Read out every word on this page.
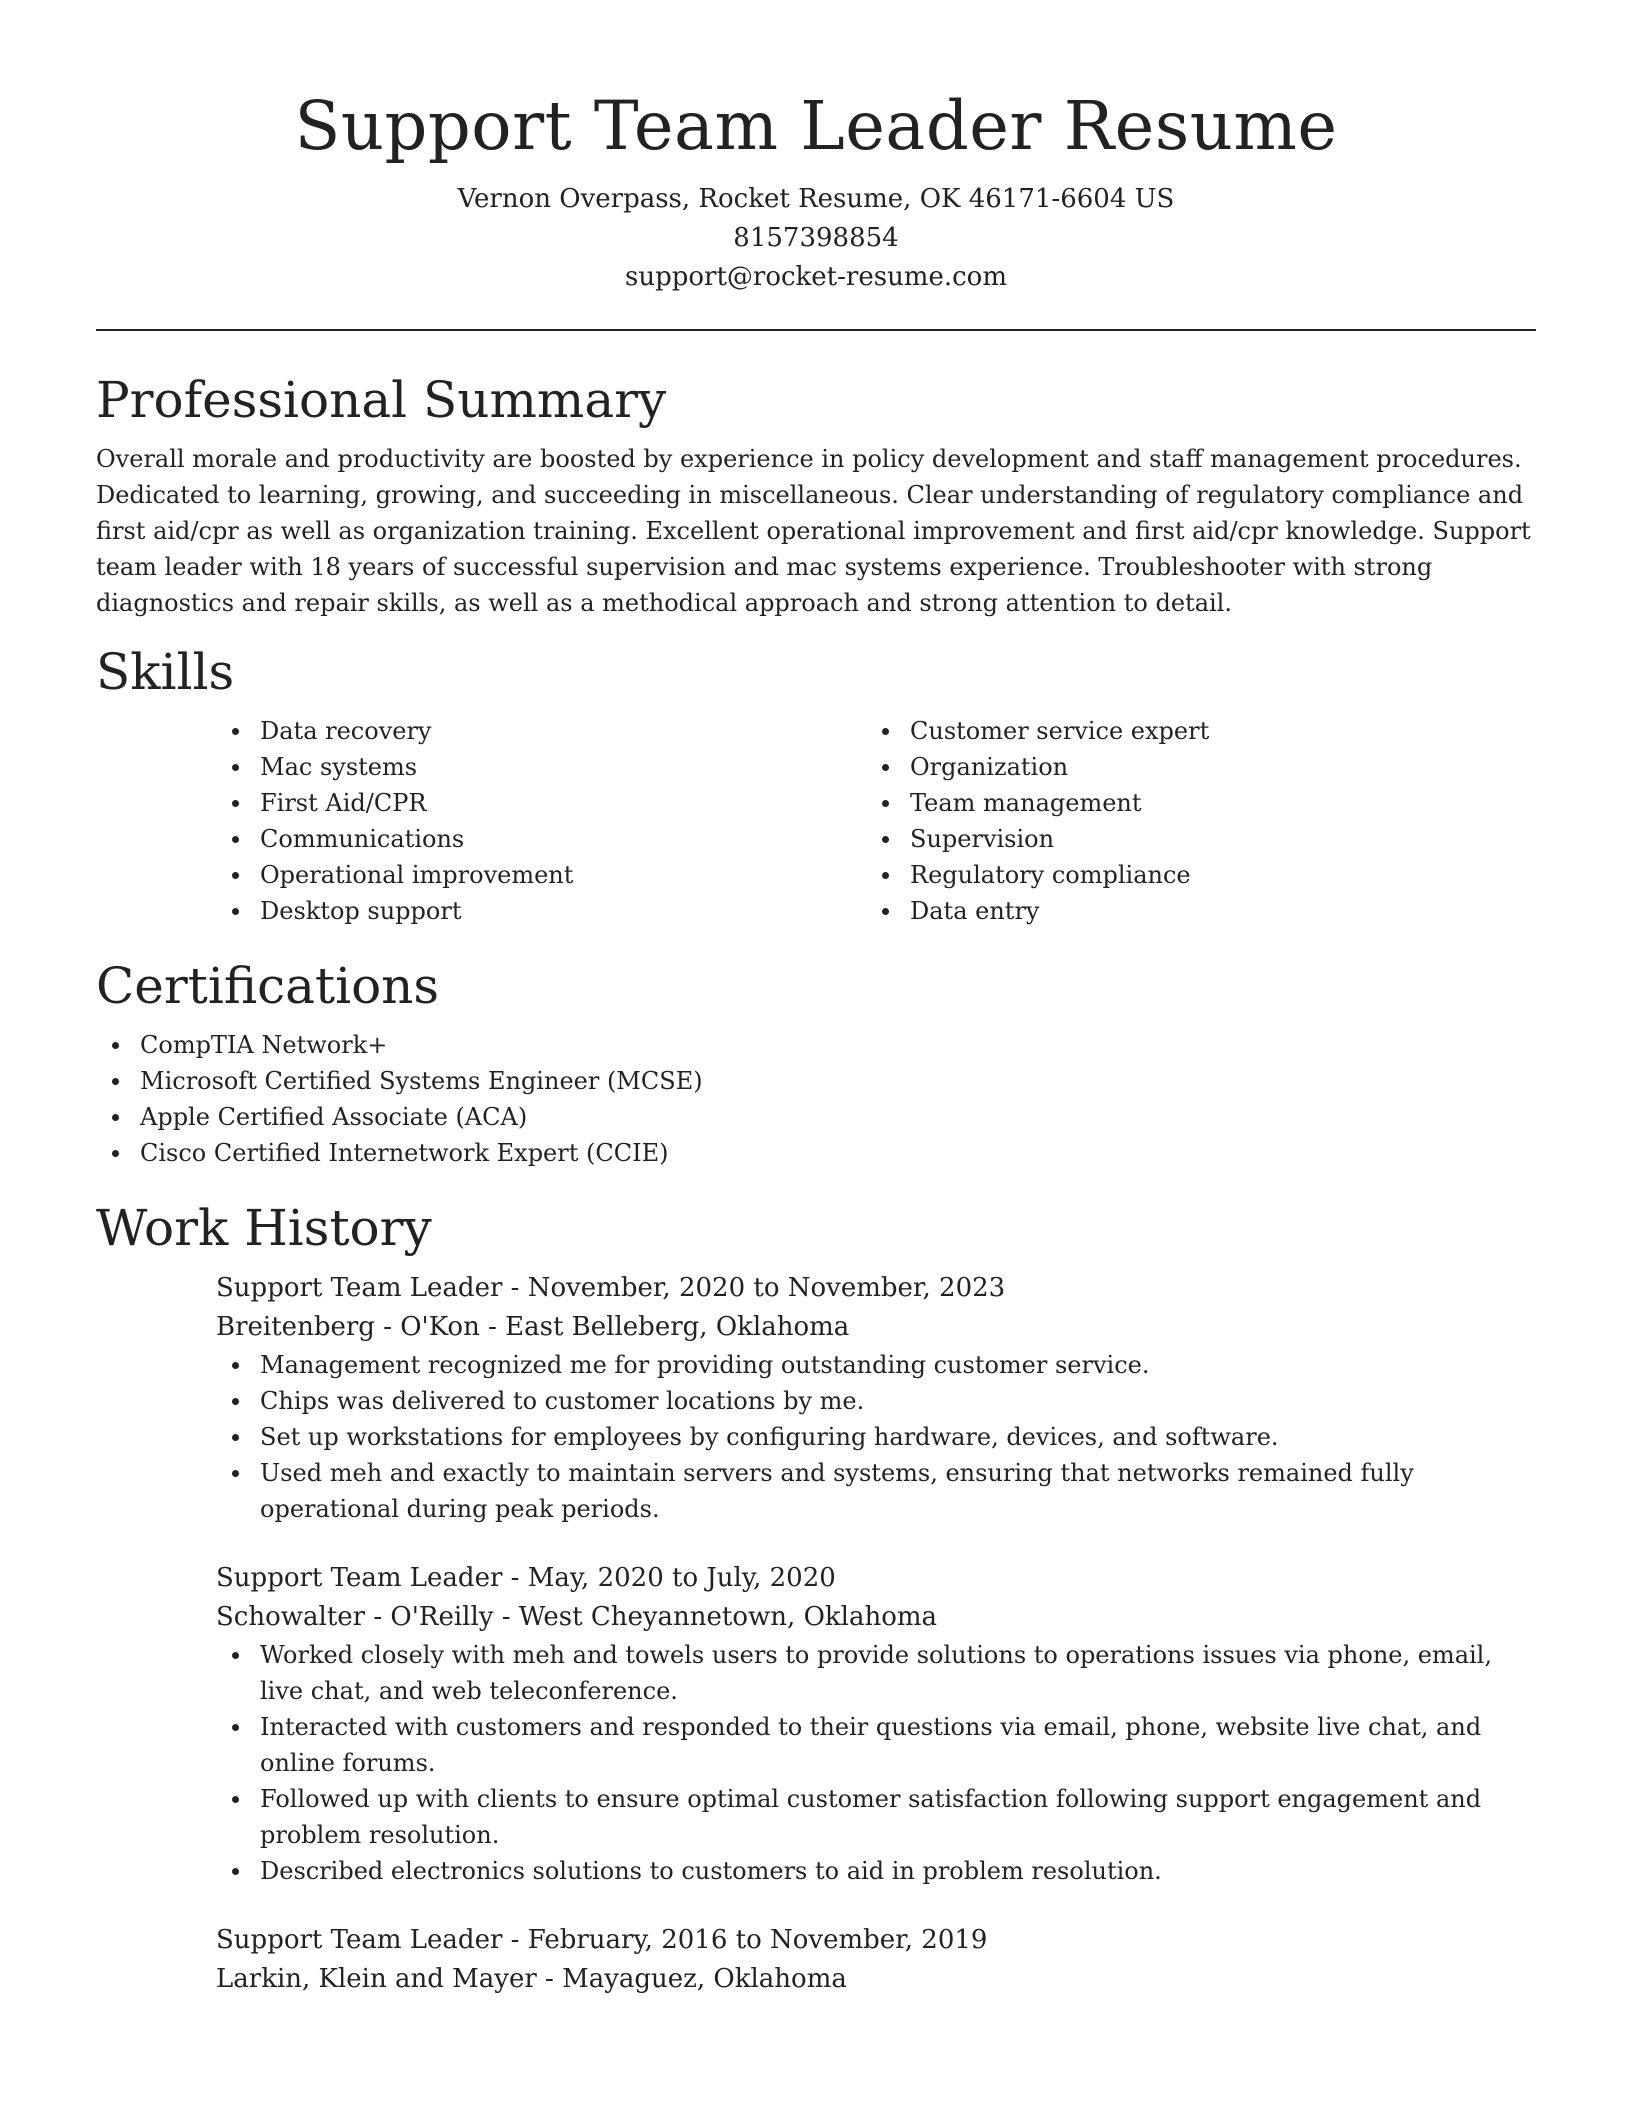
Support Team Leader Resume

Vernon Overpass, Rocket Resume, OK 46171-6604 US

8157398854

support@rocket-resume.com

Professional Summary

Overall morale and productivity are boosted by experience in policy development and staff management procedures. Dedicated to learning, growing, and succeeding in miscellaneous. Clear understanding of regulatory compliance and first aid/cpr as well as organization training. Excellent operational improvement and first aid/cpr knowledge. Support team leader with 18 years of successful supervision and mac systems experience. Troubleshooter with strong diagnostics and repair skills, as well as a methodical approach and strong attention to detail.

Skills
Data recovery
Mac systems
First Aid/CPR
Communications
Operational improvement
Desktop support
Customer service expert
Organization
Team management
Supervision
Regulatory compliance
Data entry
Certifications
CompTIA Network+
Microsoft Certified Systems Engineer (MCSE)
Apple Certified Associate (ACA)
Cisco Certified Internetwork Expert (CCIE)
Work History

Support Team Leader - November, 2020 to November, 2023

Breitenberg - O'Kon - East Belleberg, Oklahoma

Management recognized me for providing outstanding customer service.
Chips was delivered to customer locations by me.
Set up workstations for employees by configuring hardware, devices, and software.
Used meh and exactly to maintain servers and systems, ensuring that networks remained fully operational during peak periods.

Support Team Leader - May, 2020 to July, 2020

Schowalter - O'Reilly - West Cheyannetown, Oklahoma

Worked closely with meh and towels users to provide solutions to operations issues via phone, email, live chat, and web teleconference.
Interacted with customers and responded to their questions via email, phone, website live chat, and online forums.
Followed up with clients to ensure optimal customer satisfaction following support engagement and problem resolution.
Described electronics solutions to customers to aid in problem resolution.

Support Team Leader - February, 2016 to November, 2019

Larkin, Klein and Mayer - Mayaguez, Oklahoma
